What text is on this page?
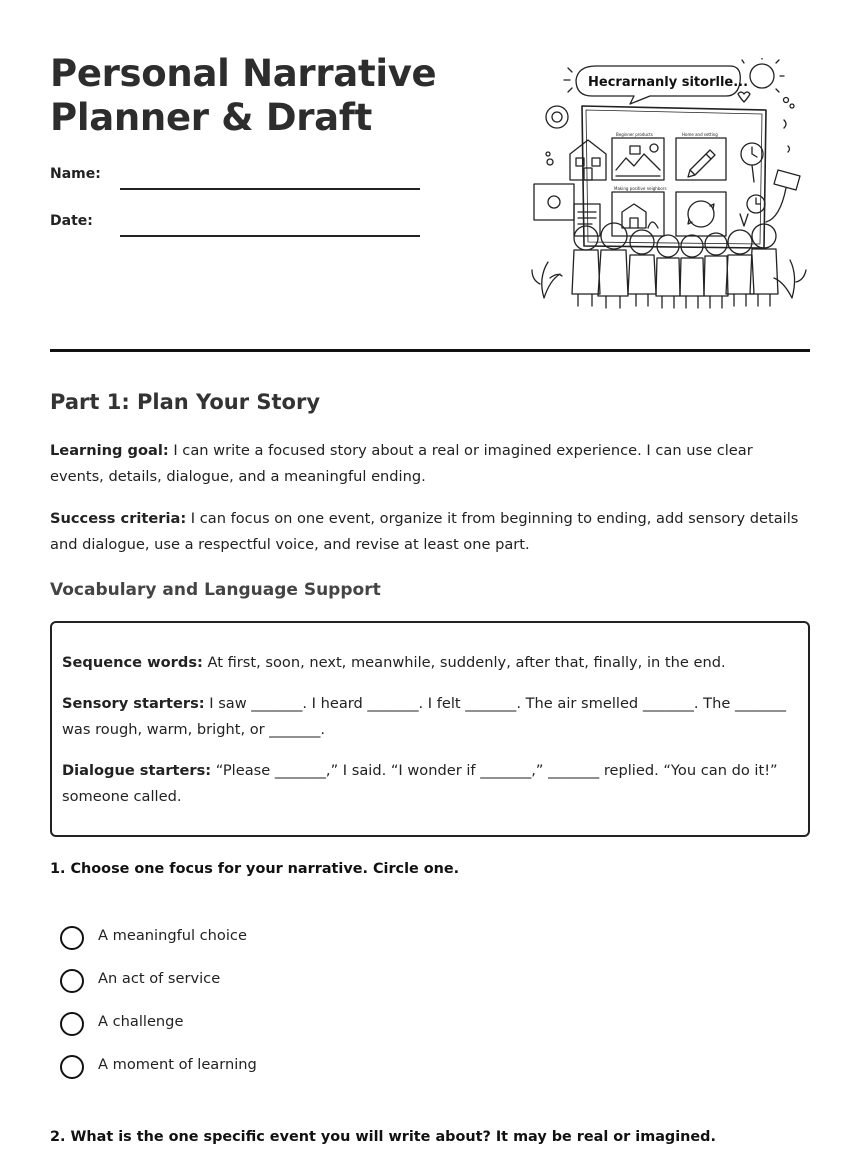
Personal Narrative
Planner & Draft
Name:
Date:
Hecrarnanly sitorlle...
Beginner products	Home and setting
Making positive neighbors
Part 1: Plan Your Story

Learning goal: I can write a focused story about a real or imagined experience. I can use clear events, details, dialogue, and a meaningful ending.

Success criteria: I can focus on one event, organize it from beginning to ending, add sensory details and dialogue, use a respectful voice, and revise at least one part.

Vocabulary and Language Support

Sequence words: At first, soon, next, meanwhile, suddenly, after that, finally, in the end.

Sensory starters: I saw _______. I heard _______. I felt _______. The air smelled _______. The _______ was rough, warm, bright, or _______.

Dialogue starters: “Please _______,” I said. “I wonder if _______,” _______ replied. “You can do it!” someone called.

1. Choose one focus for your narrative. Circle one.

A meaningful choice
An act of service
A challenge
A moment of learning

2. What is the one specific event you will write about? It may be real or imagined.
